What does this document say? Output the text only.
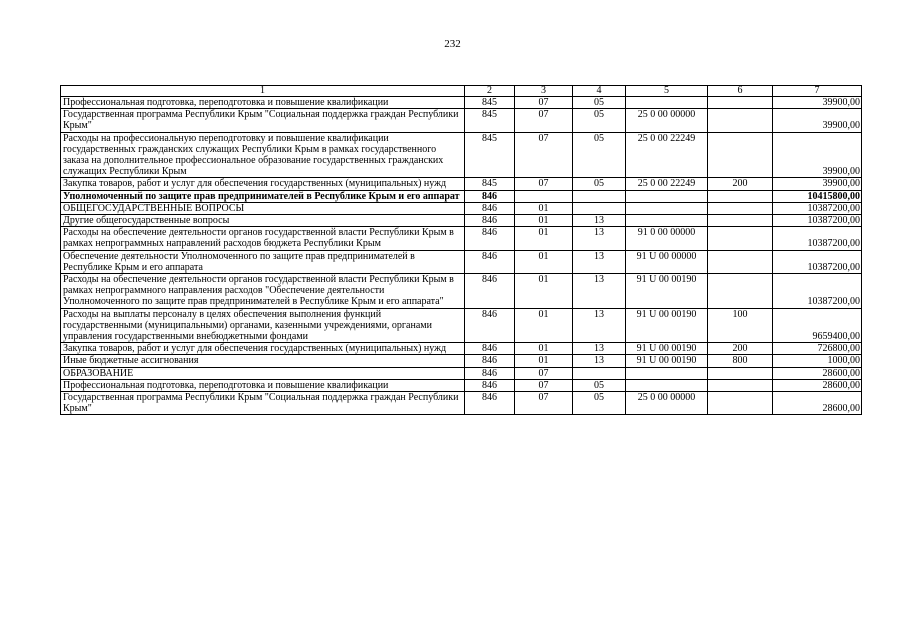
232
1	2	3	4	5	6	7
Профессиональная подготовка, переподготовка и повышение квалификации	845	07	05			39900,00
Государственная программа Республики Крым "Социальная поддержка граждан Республики Крым"	845	07	05	25 0 00 00000		39900,00
Расходы на профессиональную переподготовку и повышение квалификации государственных гражданских служащих Республики Крым в рамках государственного заказа на дополнительное профессиональное образование государственных гражданских служащих Республики Крым	845	07	05	25 0 00 22249		39900,00
Закупка товаров, работ и услуг для обеспечения государственных (муниципальных) нужд	845	07	05	25 0 00 22249	200	39900,00
Уполномоченный по защите прав предпринимателей в Республике Крым и его аппарат	846					10415800,00
ОБЩЕГОСУДАРСТВЕННЫЕ ВОПРОСЫ	846	01				10387200,00
Другие общегосударственные вопросы	846	01	13			10387200,00
Расходы на обеспечение деятельности органов государственной власти Республики Крым в рамках непрограммных направлений расходов бюджета Республики Крым	846	01	13	91 0 00 00000		10387200,00
Обеспечение деятельности Уполномоченного по защите прав предпринимателей в Республике Крым и его аппарата	846	01	13	91 U 00 00000		10387200,00
Расходы на обеспечение деятельности органов государственной власти Республики Крым в рамках непрограммного направления расходов "Обеспечение деятельности Уполномоченного по защите прав предпринимателей в Республике Крым и его аппарата"	846	01	13	91 U 00 00190		10387200,00
Расходы на выплаты персоналу в целях обеспечения выполнения функций государственными (муниципальными) органами, казенными учреждениями, органами управления государственными внебюджетными фондами	846	01	13	91 U 00 00190	100	9659400,00
Закупка товаров, работ и услуг для обеспечения государственных (муниципальных) нужд	846	01	13	91 U 00 00190	200	726800,00
Иные бюджетные ассигнования	846	01	13	91 U 00 00190	800	1000,00
ОБРАЗОВАНИЕ	846	07				28600,00
Профессиональная подготовка, переподготовка и повышение квалификации	846	07	05			28600,00
Государственная программа Республики Крым "Социальная поддержка граждан Республики Крым"	846	07	05	25 0 00 00000		28600,00
